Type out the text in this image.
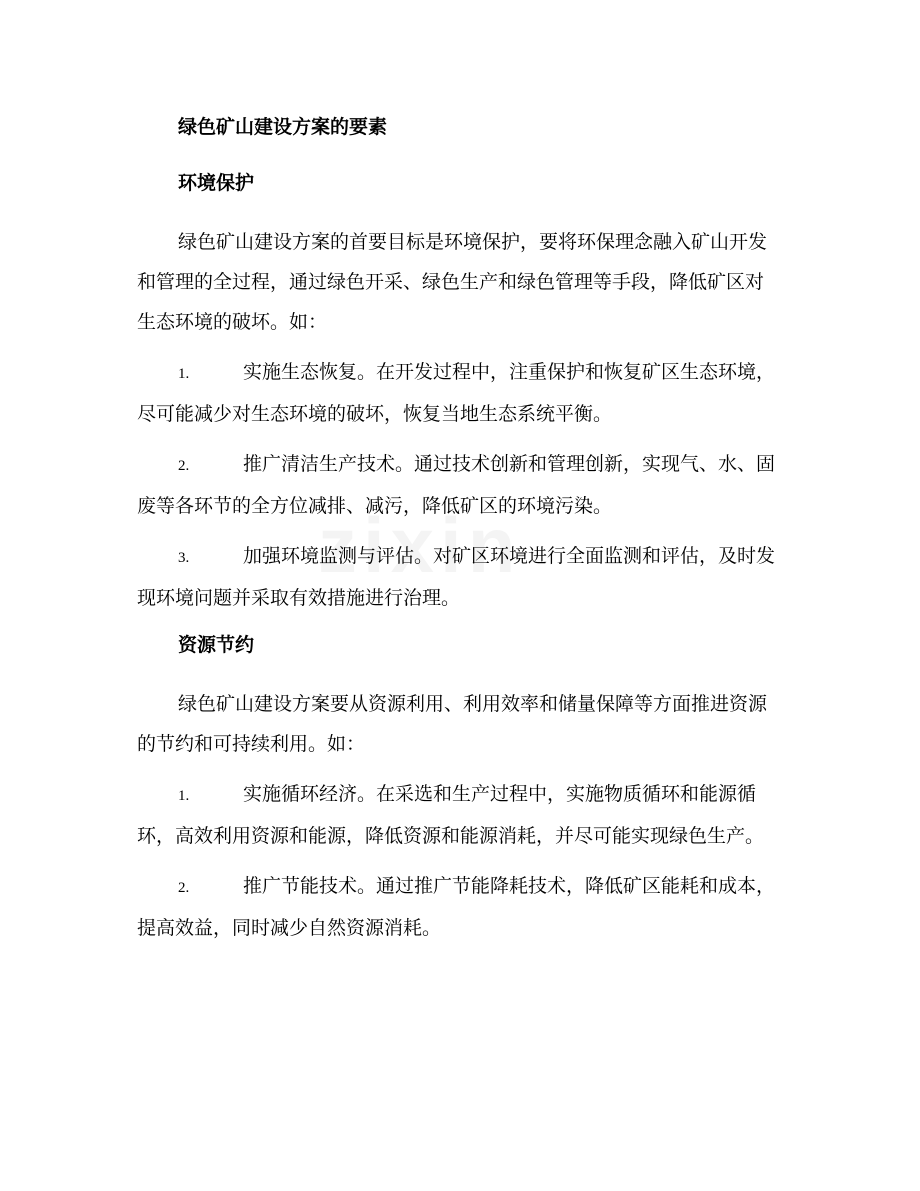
绿色矿山建设方案的要素
环境保护

绿色矿山建设方案的首要目标是环境保护，要将环保理念融入矿山开发和管理的全过程，通过绿色开采、绿色生产和绿色管理等手段，降低矿区对生态环境的破坏。如：

1.	实施生态恢复。在开发过程中，注重保护和恢复矿区生态环境，尽可能减少对生态环境的破坏，恢复当地生态系统平衡。

2.	推广清洁生产技术。通过技术创新和管理创新，实现气、水、固废等各环节的全方位减排、减污，降低矿区的环境污染。

3.	加强环境监测与评估。对矿区环境进行全面监测和评估，及时发现环境问题并采取有效措施进行治理。

资源节约

绿色矿山建设方案要从资源利用、利用效率和储量保障等方面推进资源的节约和可持续利用。如：

1.	实施循环经济。在采选和生产过程中，实施物质循环和能源循环，高效利用资源和能源，降低资源和能源消耗，并尽可能实现绿色生产。

2.	推广节能技术。通过推广节能降耗技术，降低矿区能耗和成本，提高效益，同时减少自然资源消耗。
